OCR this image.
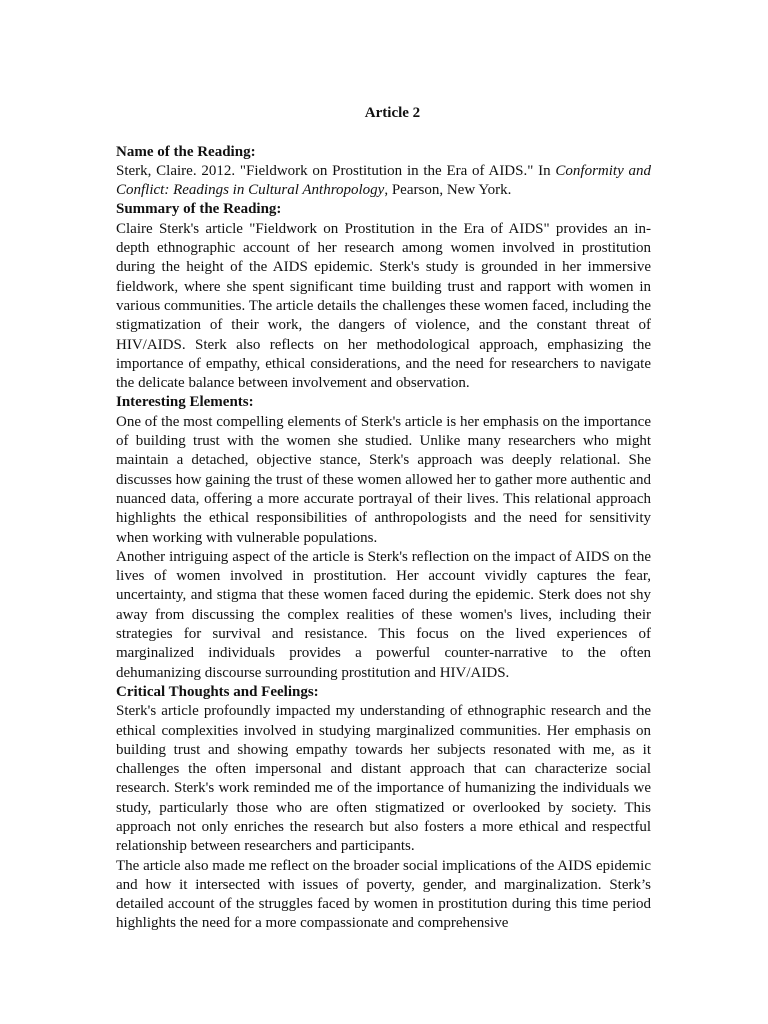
Article 2

Name of the Reading:

Sterk, Claire. 2012. "Fieldwork on Prostitution in the Era of AIDS." In Conformity and Conflict: Readings in Cultural Anthropology, Pearson, New York.

Summary of the Reading:

Claire Sterk's article "Fieldwork on Prostitution in the Era of AIDS" provides an in-depth ethnographic account of her research among women involved in prostitution during the height of the AIDS epidemic. Sterk's study is grounded in her immersive fieldwork, where she spent significant time building trust and rapport with women in various communities. The article details the challenges these women faced, including the stigmatization of their work, the dangers of violence, and the constant threat of HIV/AIDS. Sterk also reflects on her methodological approach, emphasizing the importance of empathy, ethical considerations, and the need for researchers to navigate the delicate balance between involvement and observation.

Interesting Elements:

One of the most compelling elements of Sterk's article is her emphasis on the importance of building trust with the women she studied. Unlike many researchers who might maintain a detached, objective stance, Sterk's approach was deeply relational. She discusses how gaining the trust of these women allowed her to gather more authentic and nuanced data, offering a more accurate portrayal of their lives. This relational approach highlights the ethical responsibilities of anthropologists and the need for sensitivity when working with vulnerable populations.

Another intriguing aspect of the article is Sterk's reflection on the impact of AIDS on the lives of women involved in prostitution. Her account vividly captures the fear, uncertainty, and stigma that these women faced during the epidemic. Sterk does not shy away from discussing the complex realities of these women's lives, including their strategies for survival and resistance. This focus on the lived experiences of marginalized individuals provides a powerful counter-narrative to the often dehumanizing discourse surrounding prostitution and HIV/AIDS.

Critical Thoughts and Feelings:

Sterk's article profoundly impacted my understanding of ethnographic research and the ethical complexities involved in studying marginalized communities. Her emphasis on building trust and showing empathy towards her subjects resonated with me, as it challenges the often impersonal and distant approach that can characterize social research. Sterk's work reminded me of the importance of humanizing the individuals we study, particularly those who are often stigmatized or overlooked by society. This approach not only enriches the research but also fosters a more ethical and respectful relationship between researchers and participants.

The article also made me reflect on the broader social implications of the AIDS epidemic and how it intersected with issues of poverty, gender, and marginalization. Sterk’s detailed account of the struggles faced by women in prostitution during this time period highlights the need for a more compassionate and comprehensive
